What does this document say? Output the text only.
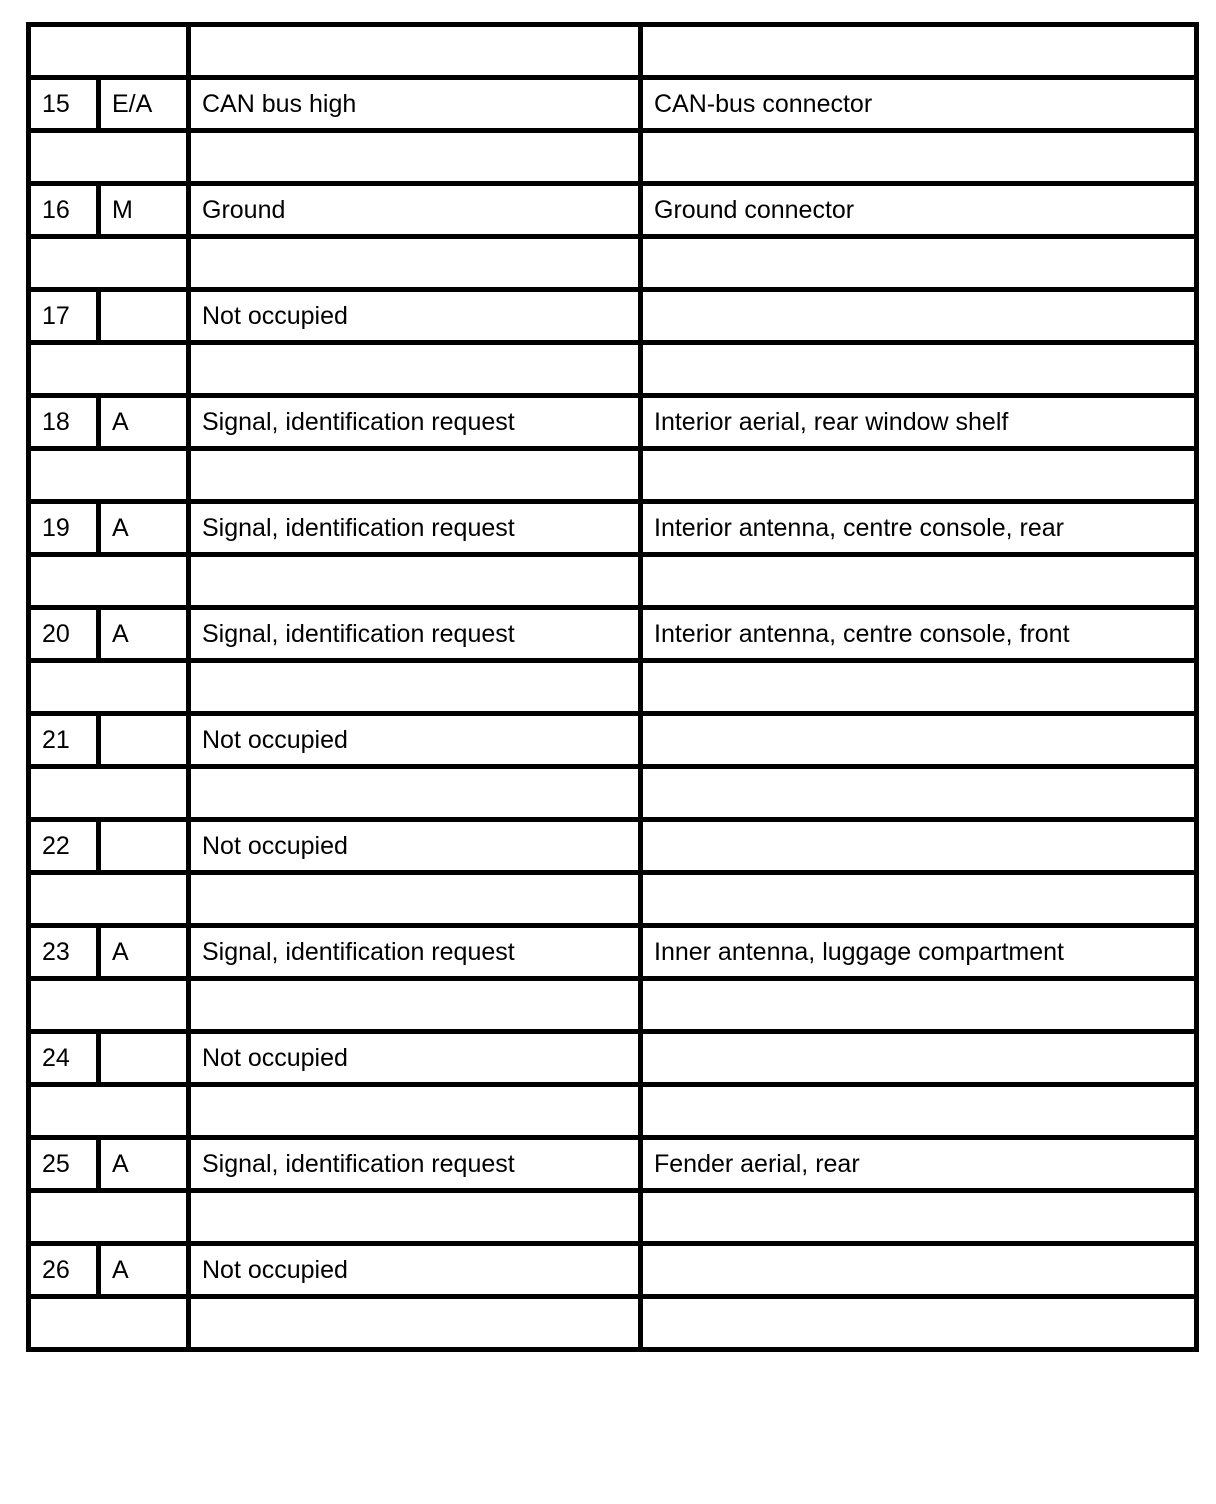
15	E/A	CAN bus high	CAN-bus connector

16	M	Ground	Ground connector

17		Not occupied	

18	A	Signal, identification request	Interior aerial, rear window shelf

19	A	Signal, identification request	Interior antenna, centre console, rear

20	A	Signal, identification request	Interior antenna, centre console, front

21		Not occupied	

22		Not occupied	

23	A	Signal, identification request	Inner antenna, luggage compartment

24		Not occupied	

25	A	Signal, identification request	Fender aerial, rear

26	A	Not occupied	
